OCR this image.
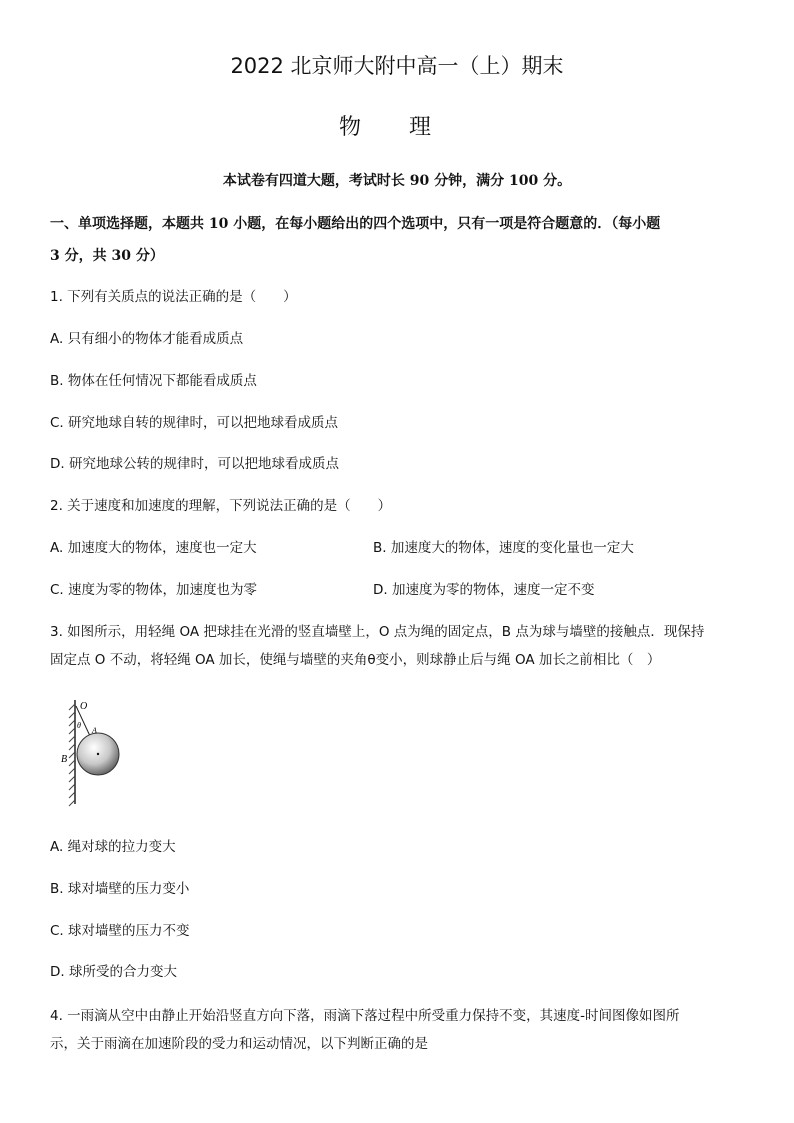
2022 北京师大附中高一（上）期末
物理
本试卷有四道大题，考试时长 90 分钟，满分 100 分。
一、单项选择题，本题共 10 小题，在每小题给出的四个选项中，只有一项是符合题意的．（每小题
3 分，共 30 分）
1. 下列有关质点的说法正确的是（　　）
A. 只有细小的物体才能看成质点
B. 物体在任何情况下都能看成质点
C. 研究地球自转的规律时，可以把地球看成质点
D. 研究地球公转的规律时，可以把地球看成质点
2. 关于速度和加速度的理解，下列说法正确的是（　　）
A. 加速度大的物体，速度也一定大	B. 加速度大的物体，速度的变化量也一定大
C. 速度为零的物体，加速度也为零	D. 加速度为零的物体，速度一定不变
3. 如图所示，用轻绳 OA 把球挂在光滑的竖直墙壁上，O 点为绳的固定点，B 点为球与墙壁的接触点．现保持
固定点 O 不动，将轻绳 OA 加长，使绳与墙壁的夹角θ变小，则球静止后与绳 OA 加长之前相比（　）
O
θ
A
B
A. 绳对球的拉力变大
B. 球对墙壁的压力变小
C. 球对墙壁的压力不变
D. 球所受的合力变大
4. 一雨滴从空中由静止开始沿竖直方向下落，雨滴下落过程中所受重力保持不变，其速度-时间图像如图所
示，关于雨滴在加速阶段的受力和运动情况，以下判断正确的是
